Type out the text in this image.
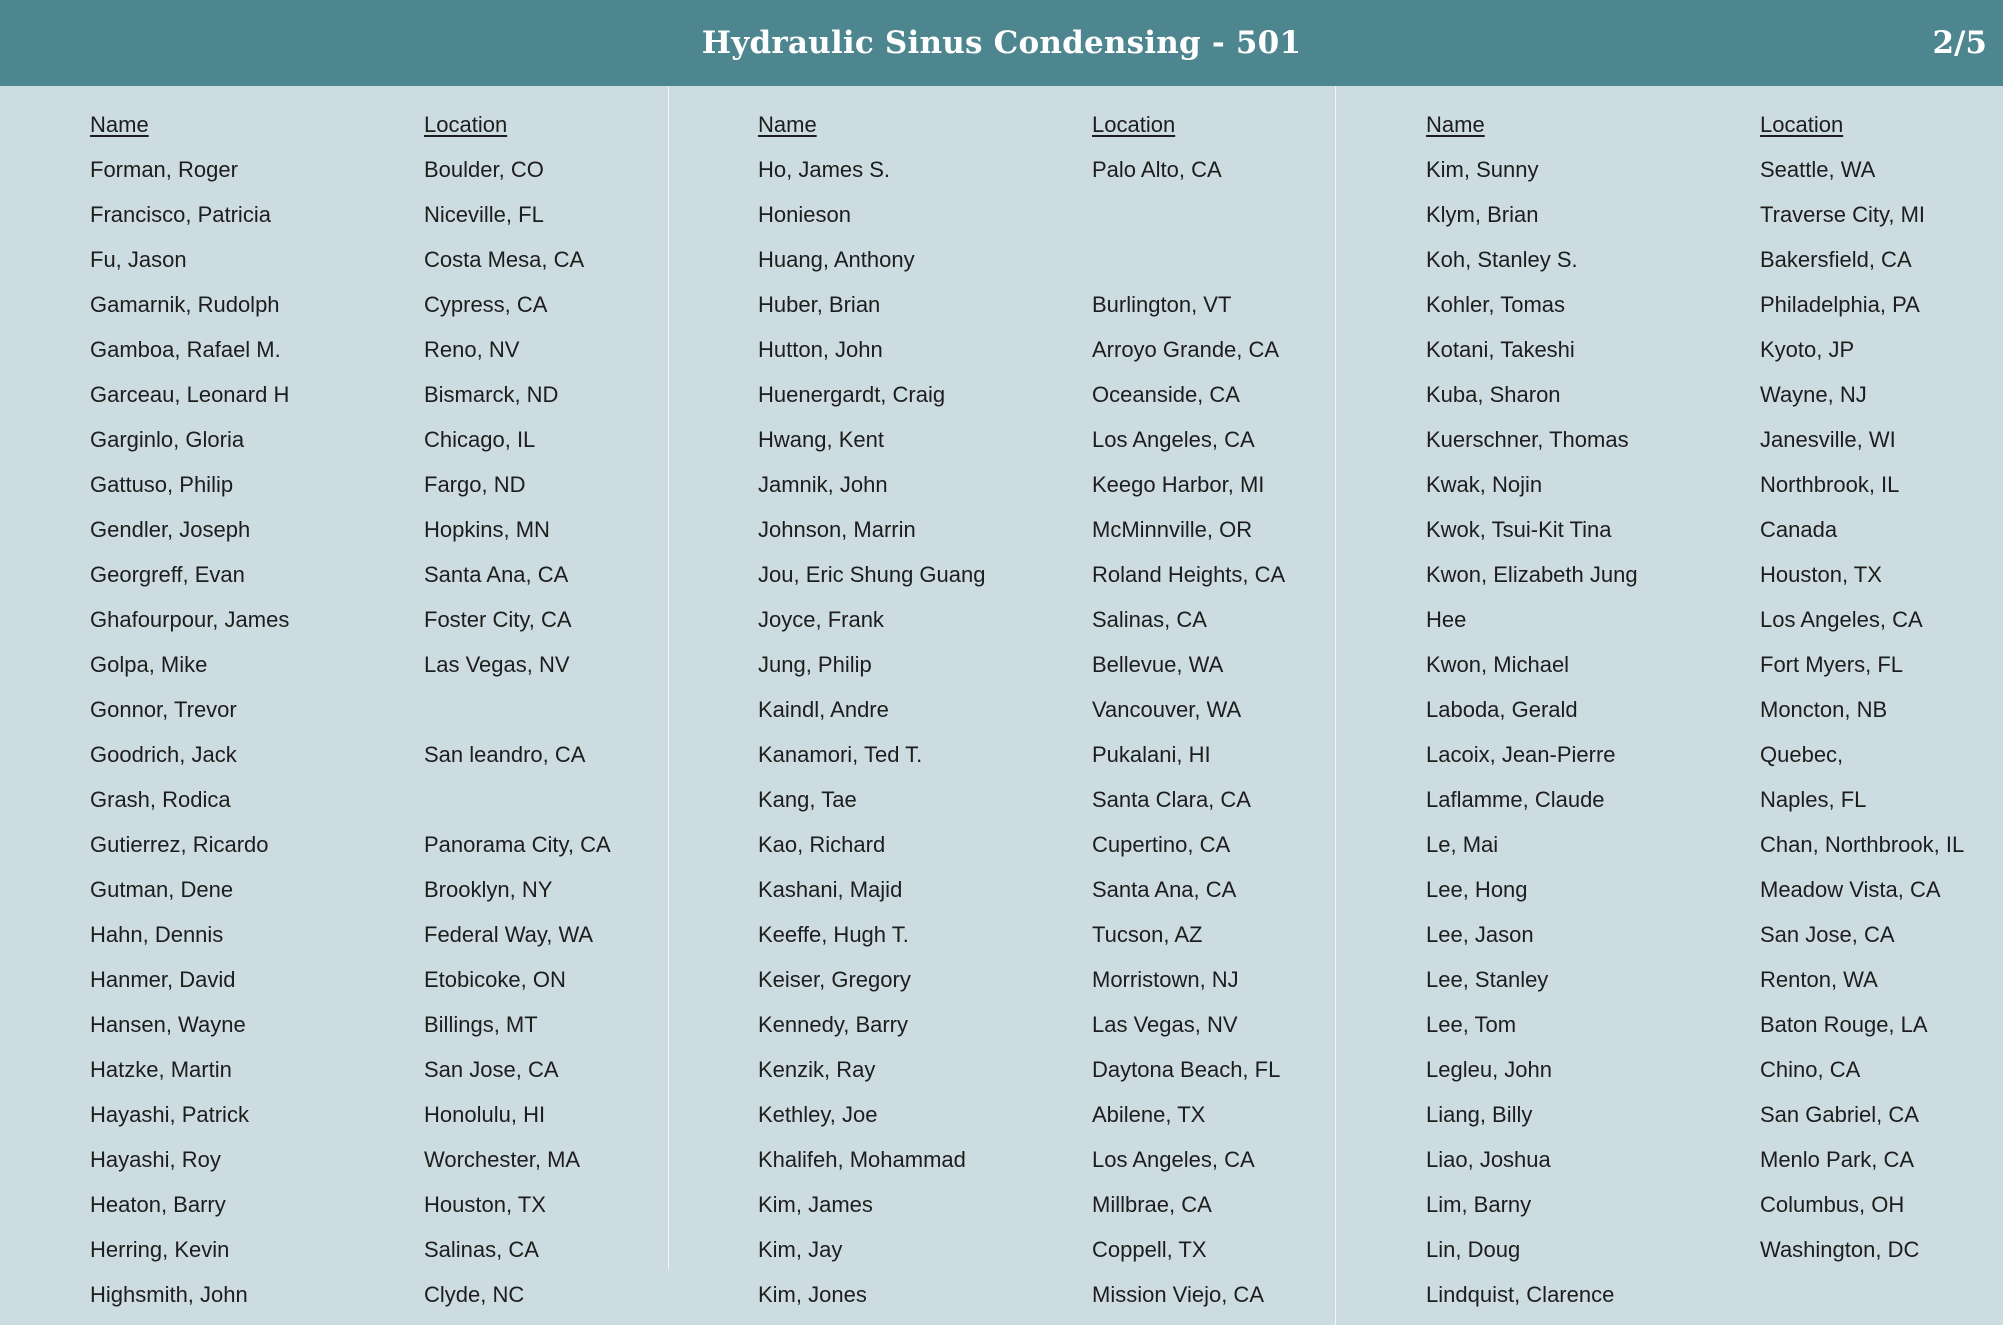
Hydraulic Sinus Condensing - 501	2/5
Name	Location
Forman, Roger	Boulder, CO
Francisco, Patricia	Niceville, FL
Fu, Jason	Costa Mesa, CA
Gamarnik, Rudolph	Cypress, CA
Gamboa, Rafael M.	Reno, NV
Garceau, Leonard H	Bismarck, ND
Garginlo, Gloria	Chicago, IL
Gattuso, Philip	Fargo, ND
Gendler, Joseph	Hopkins, MN
Georgreff, Evan	Santa Ana, CA
Ghafourpour, James	Foster City, CA
Golpa, Mike	Las Vegas, NV
Gonnor, Trevor
Goodrich, Jack	San leandro, CA
Grash, Rodica
Gutierrez, Ricardo	Panorama City, CA
Gutman, Dene	Brooklyn, NY
Hahn, Dennis	Federal Way, WA
Hanmer, David	Etobicoke, ON
Hansen, Wayne	Billings, MT
Hatzke, Martin	San Jose, CA
Hayashi, Patrick	Honolulu, HI
Hayashi, Roy	Worchester, MA
Heaton, Barry	Houston, TX
Herring, Kevin	Salinas, CA
Highsmith, John	Clyde, NC
Name	Location
Ho, James S.	Palo Alto, CA
Honieson
Huang, Anthony
Huber, Brian	Burlington, VT
Hutton, John	Arroyo Grande, CA
Huenergardt, Craig	Oceanside, CA
Hwang, Kent	Los Angeles, CA
Jamnik, John	Keego Harbor, MI
Johnson, Marrin	McMinnville, OR
Jou, Eric Shung Guang	Roland Heights, CA
Joyce, Frank	Salinas, CA
Jung, Philip	Bellevue, WA
Kaindl, Andre	Vancouver, WA
Kanamori, Ted T.	Pukalani, HI
Kang, Tae	Santa Clara, CA
Kao, Richard	Cupertino, CA
Kashani, Majid	Santa Ana, CA
Keeffe, Hugh T.	Tucson, AZ
Keiser, Gregory	Morristown, NJ
Kennedy, Barry	Las Vegas, NV
Kenzik, Ray	Daytona Beach, FL
Kethley, Joe	Abilene, TX
Khalifeh, Mohammad	Los Angeles, CA
Kim, James	Millbrae, CA
Kim, Jay	Coppell, TX
Kim, Jones	Mission Viejo, CA
Name	Location
Kim, Sunny	Seattle, WA
Klym, Brian	Traverse City, MI
Koh, Stanley S.	Bakersfield, CA
Kohler, Tomas	Philadelphia, PA
Kotani, Takeshi	Kyoto, JP
Kuba, Sharon	Wayne, NJ
Kuerschner, Thomas	Janesville, WI
Kwak, Nojin	Northbrook, IL
Kwok, Tsui-Kit Tina	Canada
Kwon, Elizabeth Jung	Houston, TX
Hee	Los Angeles, CA
Kwon, Michael	Fort Myers, FL
Laboda, Gerald	Moncton, NB
Lacoix, Jean-Pierre	Quebec,
Laflamme, Claude	Naples, FL
Le, Mai	Chan, Northbrook, IL
Lee, Hong	Meadow Vista, CA
Lee, Jason	San Jose, CA
Lee, Stanley	Renton, WA
Lee, Tom	Baton Rouge, LA
Legleu, John	Chino, CA
Liang, Billy	San Gabriel, CA
Liao, Joshua	Menlo Park, CA
Lim, Barny	Columbus, OH
Lin, Doug	Washington, DC
Lindquist, Clarence
